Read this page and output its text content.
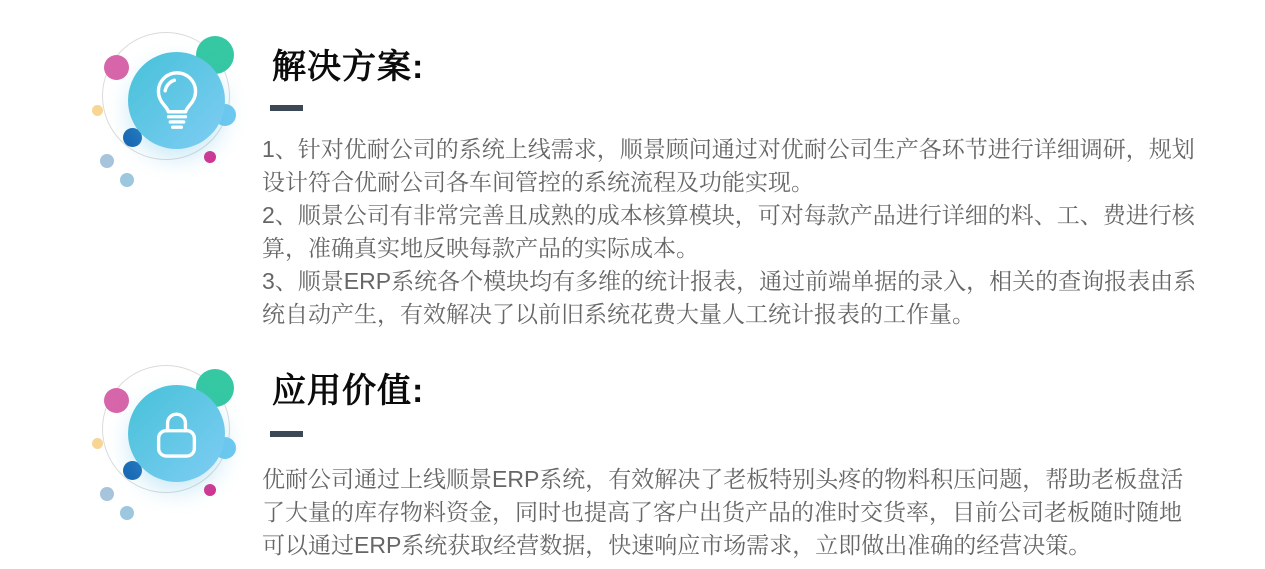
解决方案:

1、针对优耐公司的系统上线需求，顺景顾问通过对优耐公司生产各环节进行详细调研，规划设计符合优耐公司各车间管控的系统流程及功能实现。

2、顺景公司有非常完善且成熟的成本核算模块，可对每款产品进行详细的料、工、费进行核算，准确真实地反映每款产品的实际成本。

3、顺景ERP系统各个模块均有多维的统计报表，通过前端单据的录入，相关的查询报表由系统自动产生，有效解决了以前旧系统花费大量人工统计报表的工作量。

应用价值:

优耐公司通过上线顺景ERP系统，有效解决了老板特别头疼的物料积压问题，帮助老板盘活了大量的库存物料资金，同时也提高了客户出货产品的准时交货率，目前公司老板随时随地可以通过ERP系统获取经营数据，快速响应市场需求，立即做出准确的经营决策。
